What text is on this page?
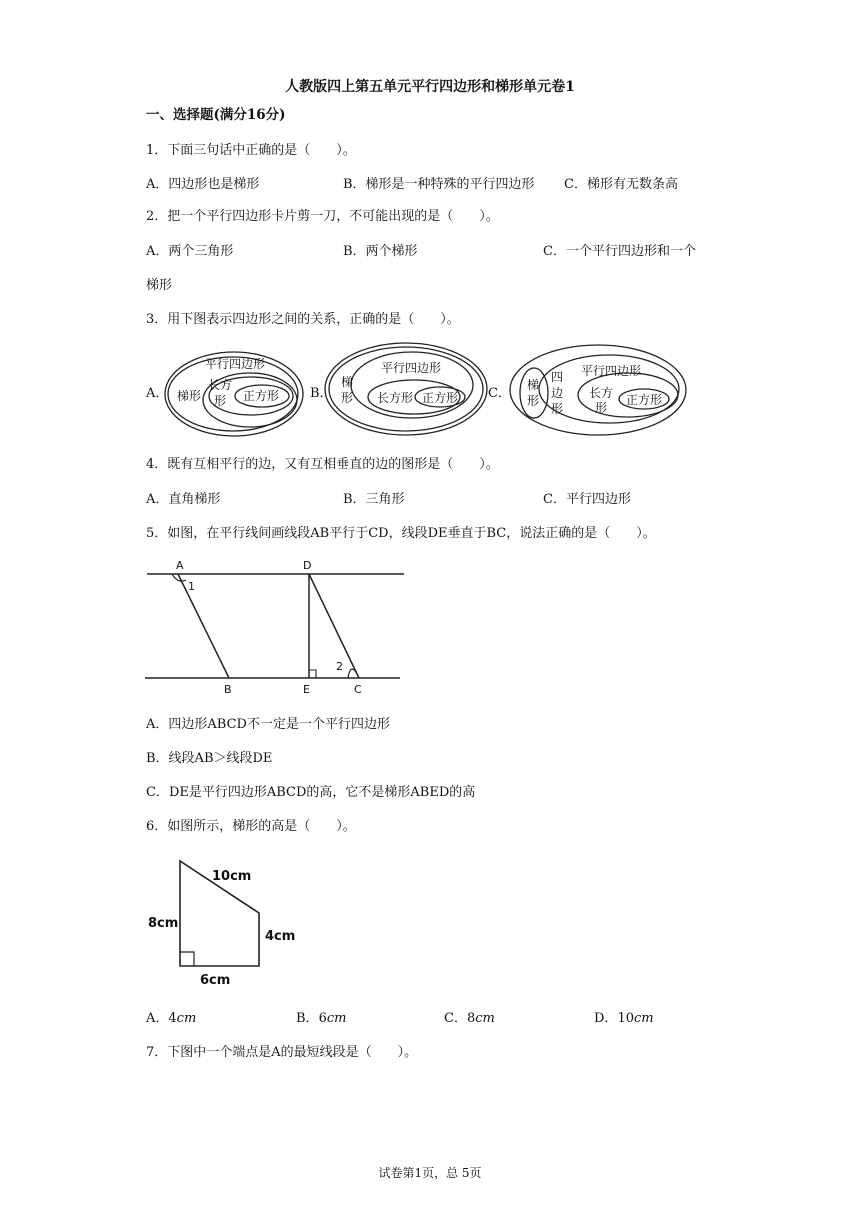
人教版四上第五单元平行四边形和梯形单元卷1
一、选择题(满分16分)
1．下面三句话中正确的是（　　）。
A．四边形也是梯形	B．梯形是一种特殊的平行四边形 C．梯形有无数条高
2．把一个平行四边形卡片剪一刀，不可能出现的是（　　）。
A．两个三角形	B．两个梯形	C．一个平行四边形和一个
梯形
3．用下图表示四边形之间的关系，正确的是（　　）。
A．	B．	C．
平行四边形
梯形
长方
形 正方形
梯
形
平行四边形
长方形 正方形
梯
形
四
边
形
平行四边形
长方
形
正方形
A	D
B	E	C
1
2
10cm
8cm
4cm
6cm
4．既有互相平行的边，又有互相垂直的边的图形是（　　）。
A．直角梯形	B．三角形	C．平行四边形
5．如图，在平行线间画线段AB平行于CD，线段DE垂直于BC，说法正确的是（　　）。
A．四边形ABCD不一定是一个平行四边形
B．线段AB＞线段DE
C．DE是平行四边形ABCD的高，它不是梯形ABED的高
6．如图所示，梯形的高是（　　）。
A．4cm	B．6cm	C．8cm	D．10cm
7．下图中一个端点是A的最短线段是（　　）。
试卷第1页，总 5页
